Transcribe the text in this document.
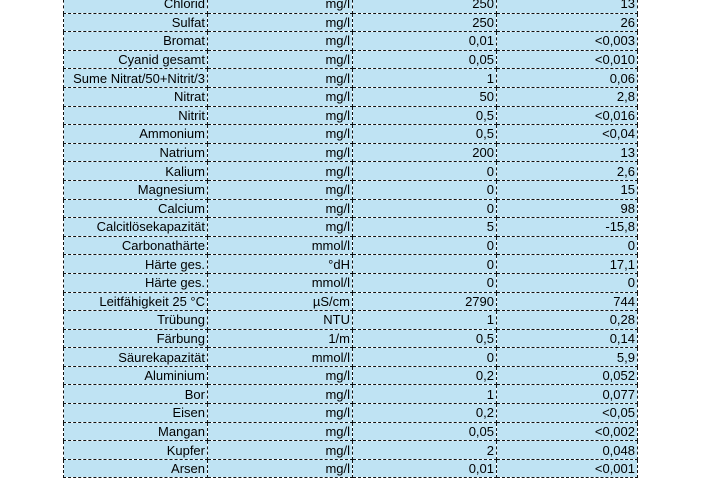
Chlorid	mg/l	250	13
Sulfat	mg/l	250	26
Bromat	mg/l	0,01	<0,003
Cyanid gesamt	mg/l	0,05	<0,010
Sume Nitrat/50+Nitrit/3	mg/l	1	0,06
Nitrat	mg/l	50	2,8
Nitrit	mg/l	0,5	<0,016
Ammonium	mg/l	0,5	<0,04
Natrium	mg/l	200	13
Kalium	mg/l	0	2,6
Magnesium	mg/l	0	15
Calcium	mg/l	0	98
Calcitlösekapazität	mg/l	5	-15,8
Carbonathärte	mmol/l	0	0
Härte ges.	°dH	0	17,1
Härte ges.	mmol/l	0	0
Leitfähigkeit 25 °C	µS/cm	2790	744
Trübung	NTU	1	0,28
Färbung	1/m	0,5	0,14
Säurekapazität	mmol/l	0	5,9
Aluminium	mg/l	0,2	0,052
Bor	mg/l	1	0,077
Eisen	mg/l	0,2	<0,05
Mangan	mg/l	0,05	<0,002
Kupfer	mg/l	2	0,048
Arsen	mg/l	0,01	<0,001
